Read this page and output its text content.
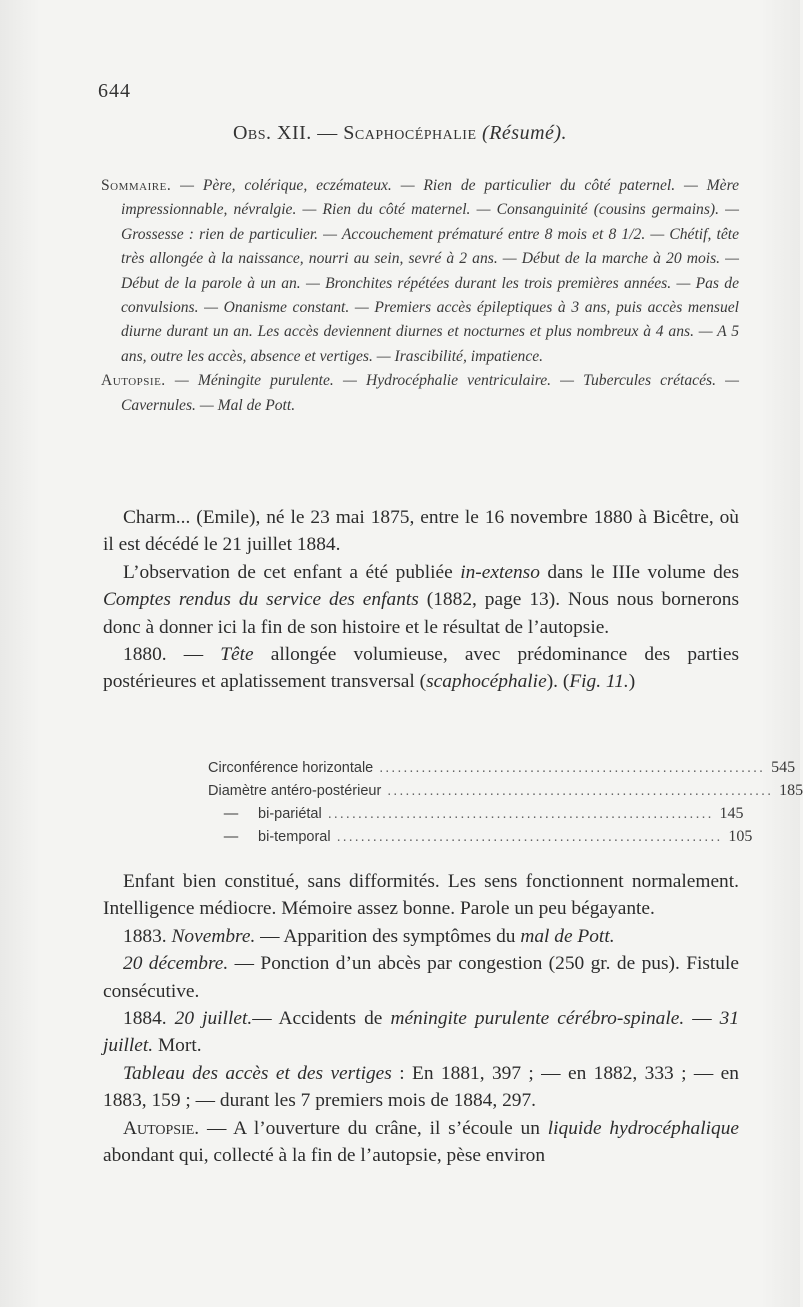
644
Obs. XII. — Scaphocéphalie (Résumé).

Sommaire. — Père, colérique, eczémateux. — Rien de particulier du côté paternel. — Mère impressionnable, névralgie. — Rien du côté maternel. — Consanguinité (cousins germains). — Grossesse : rien de particulier. — Accouchement prématuré entre 8 mois et 8 1/2. — Chétif, tête très allongée à la naissance, nourri au sein, sevré à 2 ans. — Début de la marche à 20 mois. — Début de la parole à un an. — Bronchites répétées durant les trois premières années. — Pas de convulsions. — Onanisme constant. — Premiers accès épileptiques à 3 ans, puis accès mensuel diurne durant un an. Les accès deviennent diurnes et nocturnes et plus nombreux à 4 ans. — A 5 ans, outre les accès, absence et vertiges. — Irascibilité, impatience.

Autopsie. — Méningite purulente. — Hydrocéphalie ventriculaire. — Tubercules crétacés. — Cavernules. — Mal de Pott.

Charm... (Emile), né le 23 mai 1875, entre le 16 novembre 1880 à Bicêtre, où il est décédé le 21 juillet 1884.

L’observation de cet enfant a été publiée in-extenso dans le IIIe volume des Comptes rendus du service des enfants (1882, page 13). Nous nous bornerons donc à donner ici la fin de son histoire et le résultat de l’autopsie.

1880. — Tête allongée volumieuse, avec prédominance des parties postérieures et aplatissement transversal (scaphocéphalie). (Fig. 11.)

Circonférence horizontale ................................................................ 545
Diamètre antéro-postérieur ................................................................ 185
— bi-pariétal ................................................................ 145
— bi-temporal ................................................................ 105

Enfant bien constitué, sans difformités. Les sens fonctionnent normalement. Intelligence médiocre. Mémoire assez bonne. Parole un peu bégayante.

1883. Novembre. — Apparition des symptômes du mal de Pott.

20 décembre. — Ponction d’un abcès par congestion (250 gr. de pus). Fistule consécutive.

1884. 20 juillet.— Accidents de méningite purulente cérébro-spinale. — 31 juillet. Mort.

Tableau des accès et des vertiges : En 1881, 397 ; — en 1882, 333 ; — en 1883, 159 ; — durant les 7 premiers mois de 1884, 297.

Autopsie. — A l’ouverture du crâne, il s’écoule un liquide hydrocéphalique abondant qui, collecté à la fin de l’autopsie, pèse environ
